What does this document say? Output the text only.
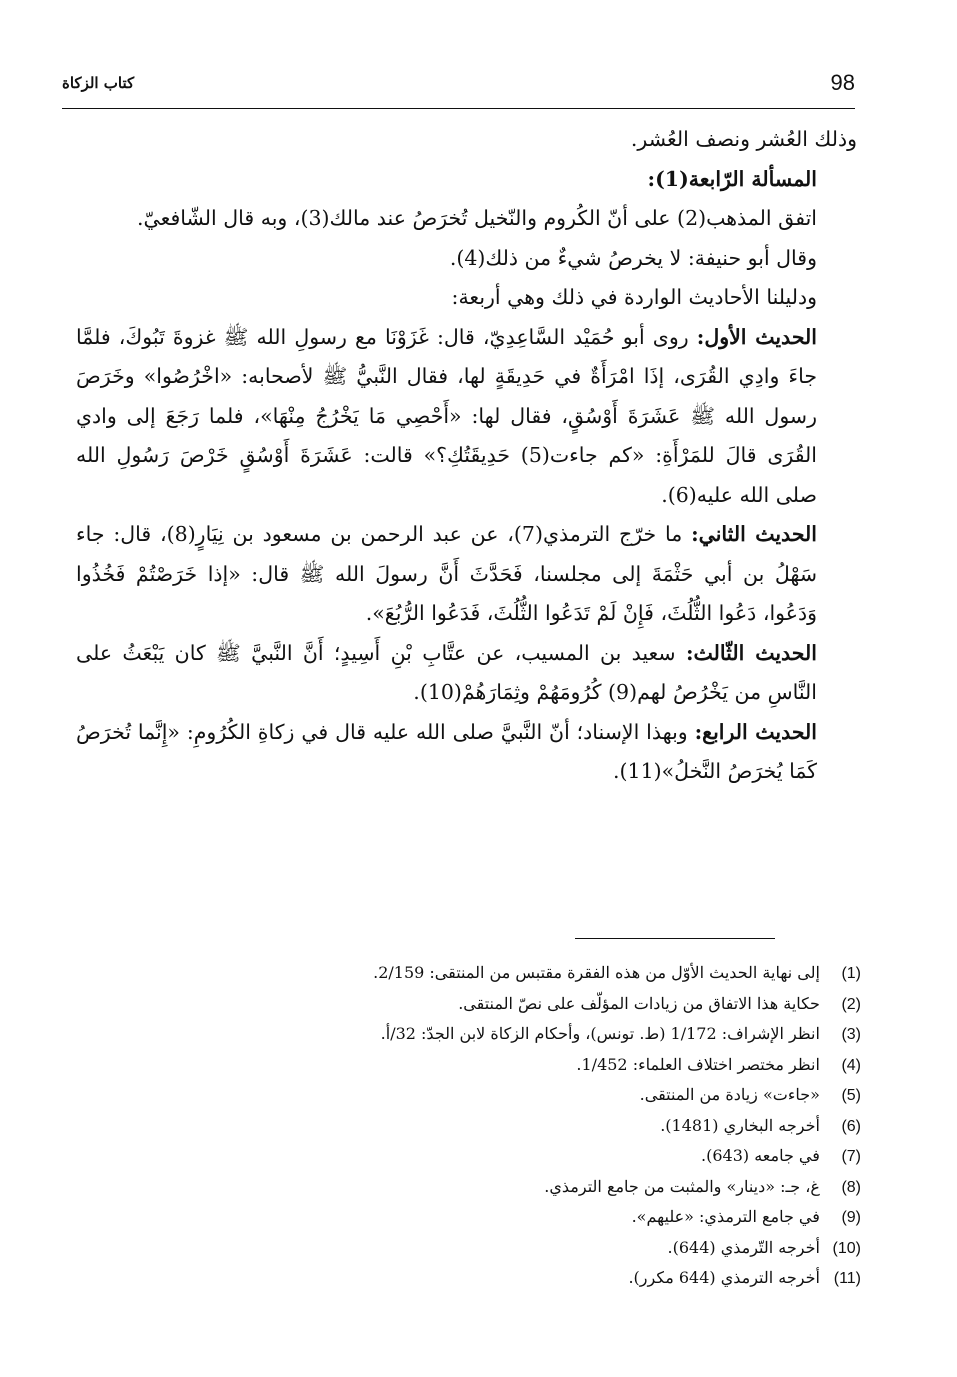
98
كتاب الزكاة

وذلك العُشر ونصف العُشر.

المسألة الرّابعة(1):

اتفق المذهب(2) على أنّ الكُروم والنّخيل تُخرَصُ عند مالك(3)، وبه قال الشّافعيّ.

وقال أبو حنيفة: لا يخرصُ شيءٌ من ذلك(4).

ودليلنا الأحاديث الواردة في ذلك وهي أربعة:

الحديث الأول: روى أبو حُمَيْد السَّاعِدِيّ، قال: غَزَوْنَا مع رسولِ الله ﷺ غزوةَ تَبُوكَ، فلمَّا جاءَ وادِي القُرَى، إذَا امْرَأَةٌ في حَدِيقَةٍ لها، فقال النَّبيُّ ﷺ لأصحابه: «اخْرُصُوا» وخَرَصَ رسول الله ﷺ عَشَرَةَ أَوْسُقٍ، فقال لها: «أَحْصِي مَا يَخْرُجُ مِنْهَا»، فلما رَجَعَ إلى وادي القُرَى قالَ للمَرْأَةِ: «كم جاءت(5) حَدِيقَتُكِ؟» قالت: عَشَرَةَ أَوْسُقٍ خَرْصَ رَسُولِ الله صلى الله عليه(6).

الحديث الثاني: ما خرّج الترمذي(7)، عن عبد الرحمن بن مسعود بن نِيَارٍ(8)، قال: جاء سَهْلُ بن أبي حَثْمَةَ إلى مجلسنا، فَحَدَّثَ أَنَّ رسولَ الله ﷺ قال: «إذا خَرَصْتُمْ فَخُذُوا وَدَعُوا، دَعُوا الثُّلُثَ، فَإِنْ لَمْ تَدَعُوا الثُّلُثَ، فَدَعُوا الرُّبُعَ».

الحديث الثّالث: سعيد بن المسيب، عن عتَّابِ بْنِ أَسِيدٍ؛ أَنَّ النَّبيَّ ﷺ كان يَبْعَثُ على النَّاسِ من يَخْرُصُ لهم(9) كُرُومَهُمْ وثِمَارَهُمْ(10).

الحديث الرابع: وبهذا الإسناد؛ أنّ النَّبيَّ صلى الله عليه قال في زكاةِ الكُرُومِ: «إِنَّما تُخرَصُ كَمَا يُخرَصُ النَّخلُ»(11).

(1) إلى نهاية الحديث الأوّل من هذه الفقرة مقتبس من المنتقى: 2/159.
(2) حكاية هذا الاتفاق من زيادات المؤلّف على نصّ المنتقى.
(3) انظر الإشراف: 1/172 (ط. تونس)، وأحكام الزكاة لابن الجدّ: 32/أ.
(4) انظر مختصر اختلاف العلماء: 1/452.
(5) «جاءت» زيادة من المنتقى.
(6) أخرجه البخاري (1481).
(7) في جامعه (643).
(8) غ، جـ: «دينار» والمثبت من جامع الترمذي.
(9) في جامع الترمذي: «عليهم».
(10) أخرجه التّرمذي (644).
(11) أخرجه الترمذي (644 مكرر).
